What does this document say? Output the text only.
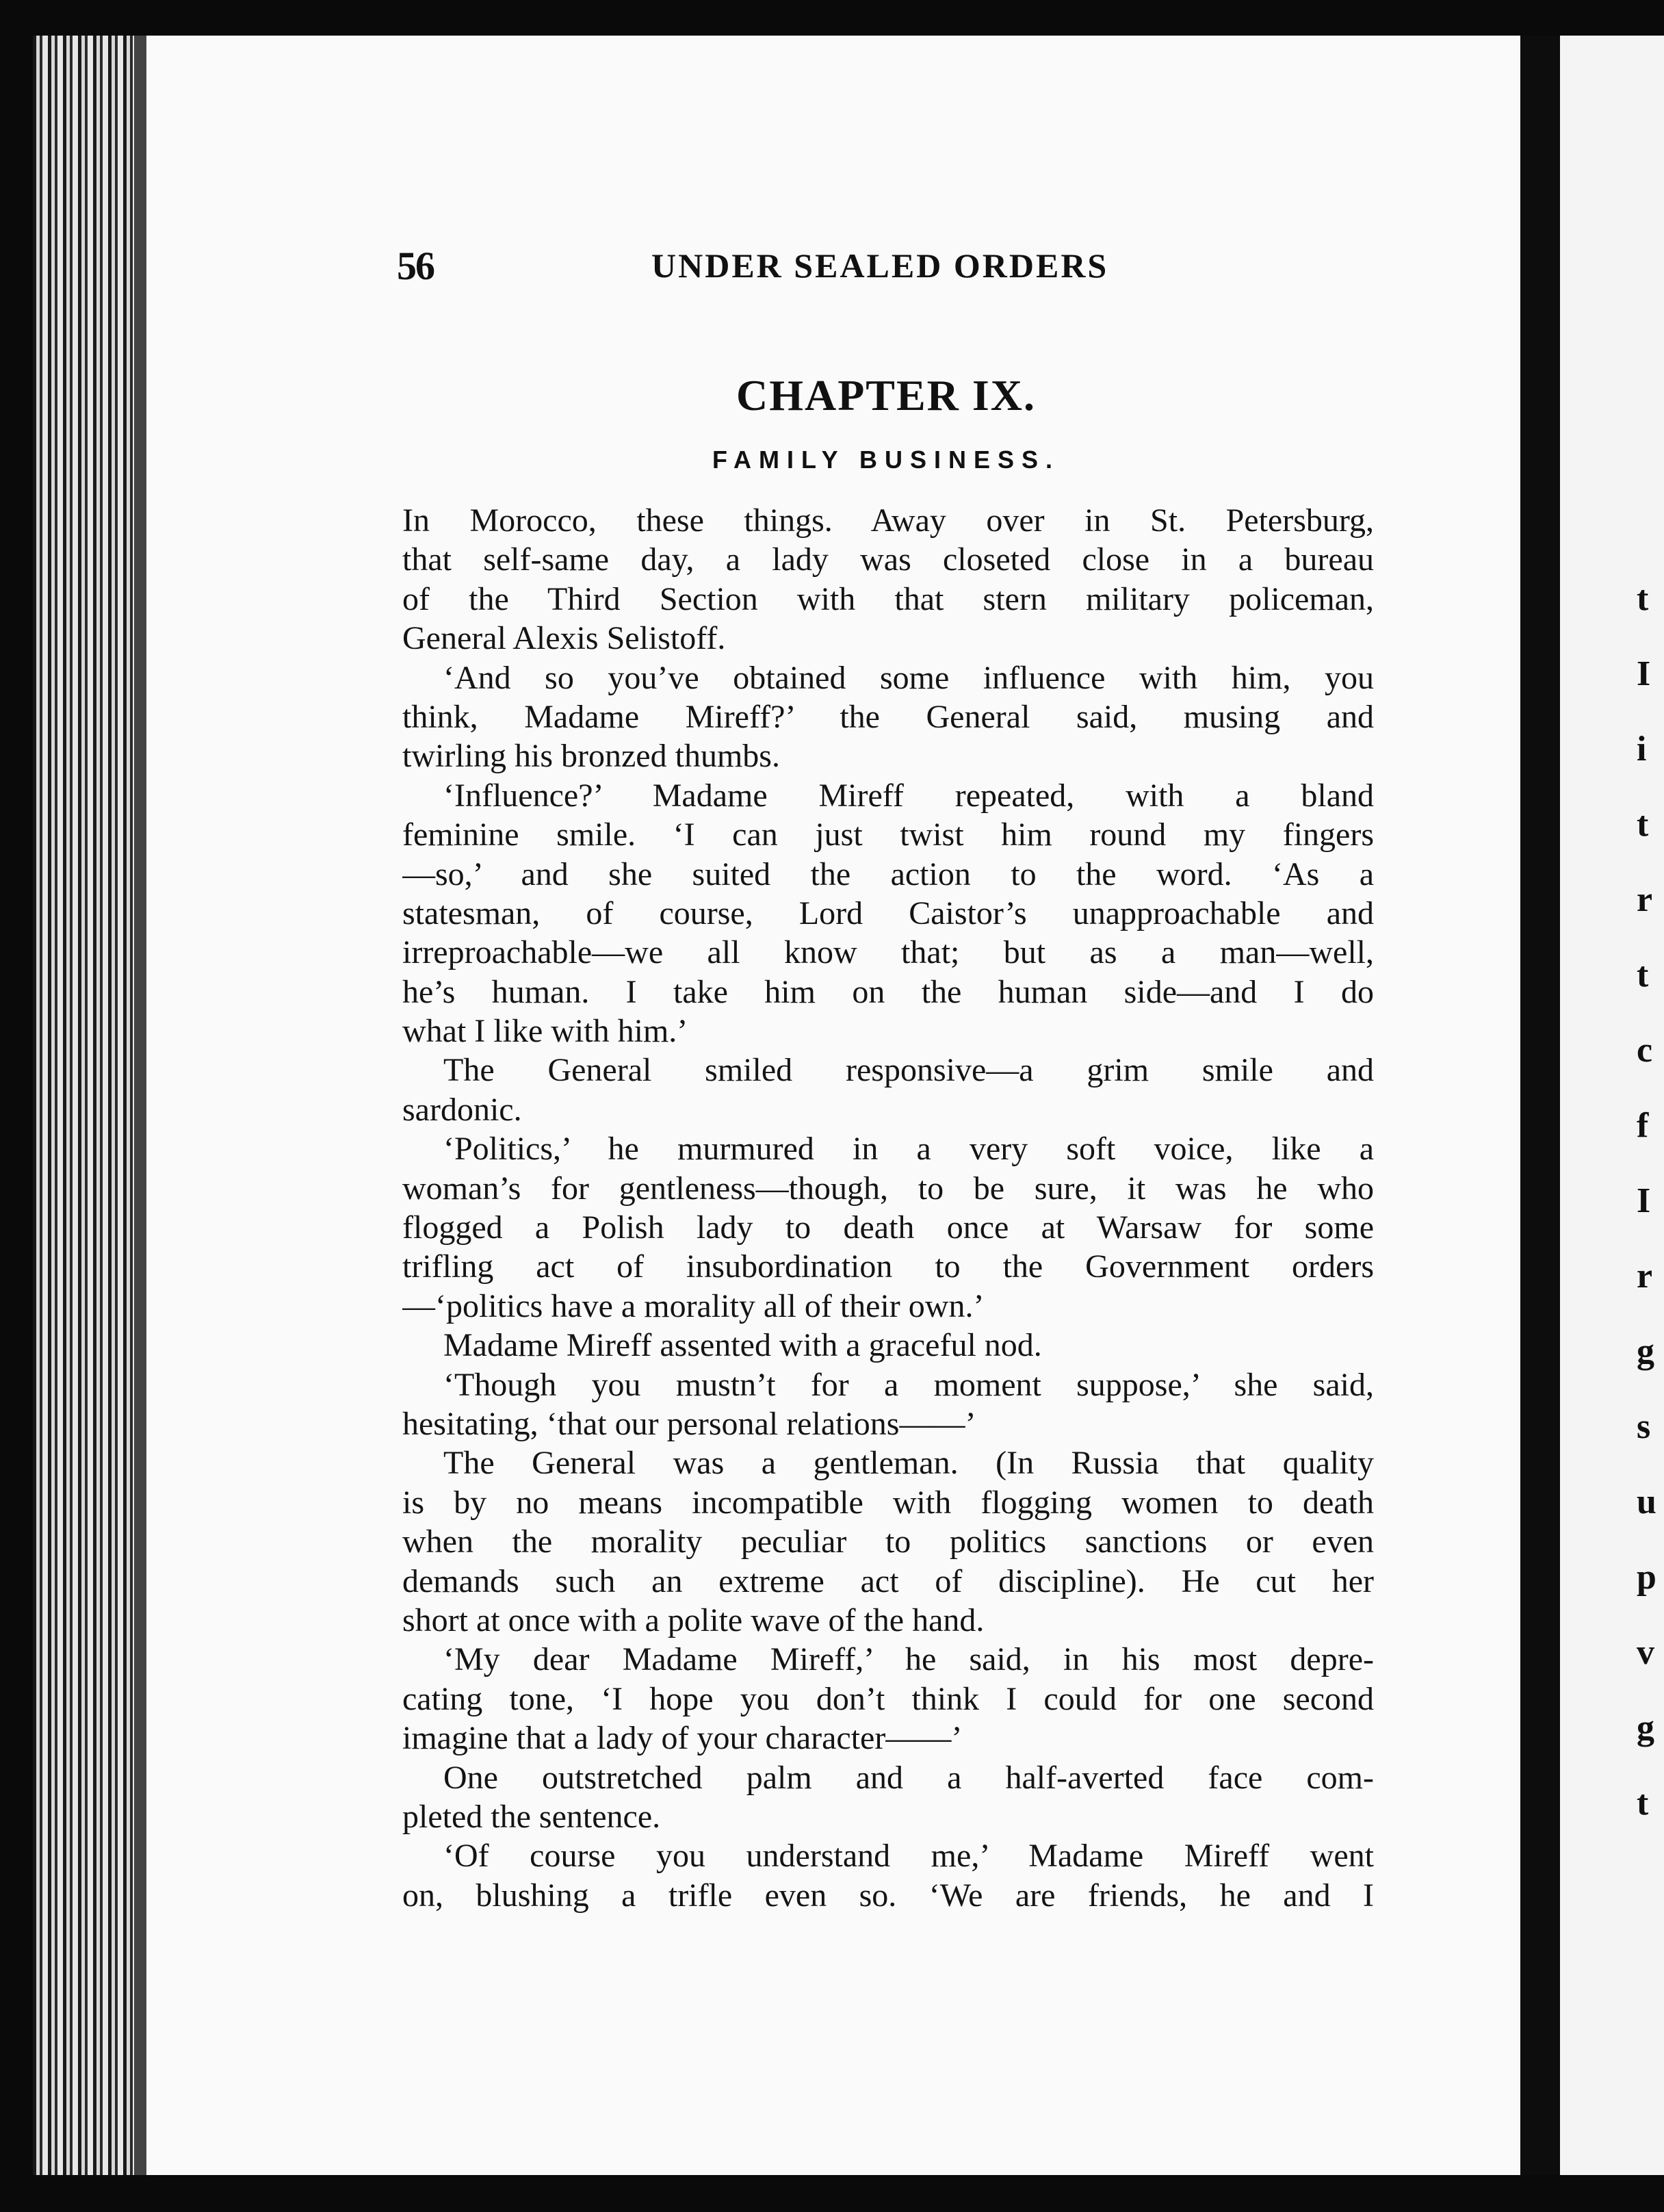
t
I
i
t
r
t
c
f
I
r
g
s
u
p
v
g
t
56	UNDER SEALED ORDERS
CHAPTER IX.
FAMILY BUSINESS.
In Morocco, these things. Away over in St. Petersburg,
that self-same day, a lady was closeted close in a bureau
of the Third Section with that stern military policeman,
General Alexis Selistoff.
‘And so you’ve obtained some influence with him, you
think, Madame Mireff?’ the General said, musing and
twirling his bronzed thumbs.
‘Influence?’ Madame Mireff repeated, with a bland
feminine smile. ‘I can just twist him round my fingers
—so,’ and she suited the action to the word. ‘As a
statesman, of course, Lord Caistor’s unapproachable and
irreproachable—we all know that; but as a man—well,
he’s human. I take him on the human side—and I do
what I like with him.’
The General smiled responsive—a grim smile and
sardonic.
‘Politics,’ he murmured in a very soft voice, like a
woman’s for gentleness—though, to be sure, it was he who
flogged a Polish lady to death once at Warsaw for some
trifling act of insubordination to the Government orders
—‘politics have a morality all of their own.’
Madame Mireff assented with a graceful nod.
‘Though you mustn’t for a moment suppose,’ she said,
hesitating, ‘that our personal relations——’
The General was a gentleman. (In Russia that quality
is by no means incompatible with flogging women to death
when the morality peculiar to politics sanctions or even
demands such an extreme act of discipline). He cut her
short at once with a polite wave of the hand.
‘My dear Madame Mireff,’ he said, in his most depre-
cating tone, ‘I hope you don’t think I could for one second
imagine that a lady of your character——’
One outstretched palm and a half-averted face com-
pleted the sentence.
‘Of course you understand me,’ Madame Mireff went
on, blushing a trifle even so. ‘We are friends, he and I
